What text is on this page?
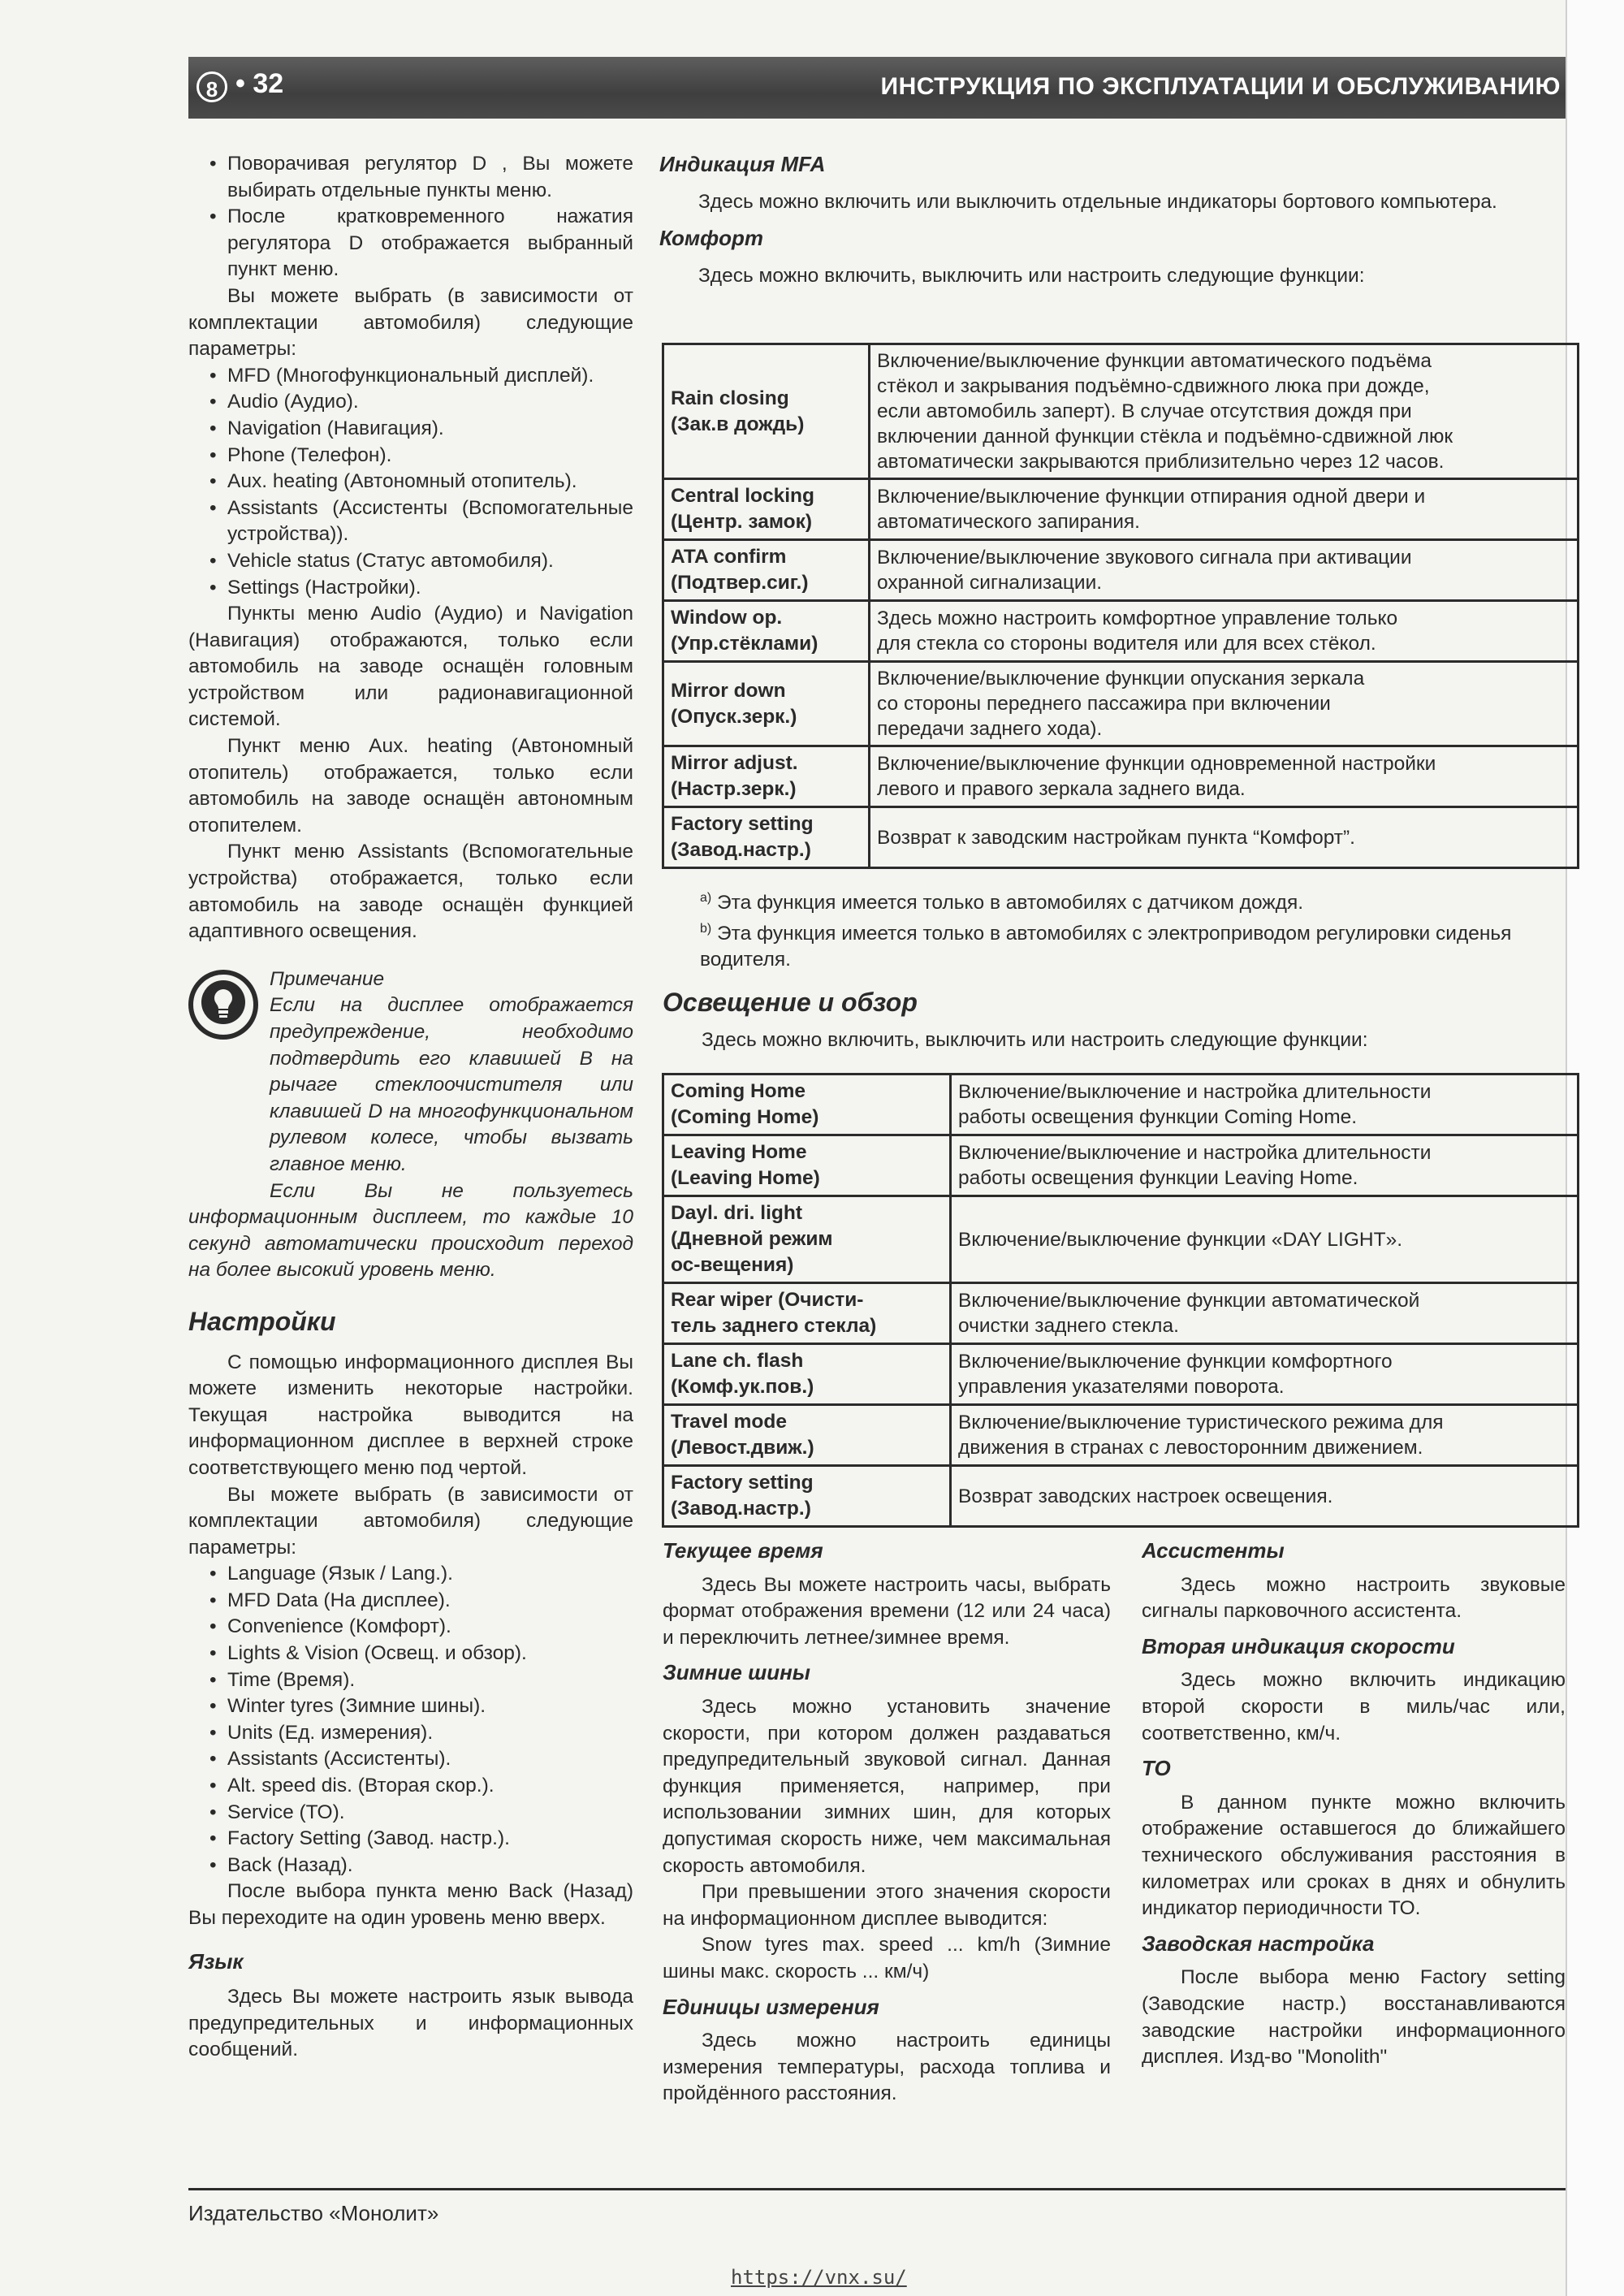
8 • 32	ИНСТРУКЦИЯ ПО ЭКСПЛУАТАЦИИ И ОБСЛУЖИВАНИЮ

• Поворачивая регулятор D , Вы можете выбирать отдельные пункты меню.

• После кратковременного нажатия регулятора D отображается выбранный пункт меню.

Вы можете выбрать (в зависимости от комплектации автомобиля) следующие параметры:

• MFD (Многофункциональный дисплей).

• Audio (Аудио).

• Navigation (Навигация).

• Phone (Телефон).

• Aux. heating (Автономный отопитель).

• Assistants (Ассистенты (Вспомогательные устройства)).

• Vehicle status (Статус автомобиля).

• Settings (Настройки).

Пункты меню Audio (Аудио) и Navigation (Навигация) отображаются, только если автомобиль на заводе оснащён головным устройством или радионавигационной системой.

Пункт меню Aux. heating (Автономный отопитель) отображается, только если автомобиль на заводе оснащён автономным отопителем.

Пункт меню Assistants (Вспомогательные устройства) отображается, только если автомобиль на заводе оснащён функцией адаптивного освещения.

Примечание

Если на дисплее отображается предупреждение, необходимо подтвердить его клавишей B на рычаге стеклоочистителя или клавишей D на многофункциональном рулевом колесе, чтобы вызвать главное меню.

Если Вы не пользуетесь информационным дисплеем, то каждые 10 секунд автоматически происходит переход на более высокий уровень меню.

Настройки

С помощью информационного дисплея Вы можете изменить некоторые настройки. Текущая настройка выводится на информационном дисплее в верхней строке соответствующего меню под чертой.

Вы можете выбрать (в зависимости от комплектации автомобиля) следующие параметры:

• Language (Язык / Lang.).

• MFD Data (На дисплее).

• Convenience (Комфорт).

• Lights & Vision (Освещ. и обзор).

• Time (Время).

• Winter tyres (Зимние шины).

• Units (Ед. измерения).

• Assistants (Ассистенты).

• Alt. speed dis. (Вторая скор.).

• Service (ТО).

• Factory Setting (Завод. настр.).

• Back (Назад).

После выбора пункта меню Back (Назад) Вы переходите на один уровень меню вверх.

Язык

Здесь Вы можете настроить язык вывода предупредительных и информационных сообщений.

Индикация MFA

Здесь можно включить или выключить отдельные индикаторы бортового компьютера.

Комфорт

Здесь можно включить, выключить или настроить следующие функции:

Rain closing
(Зак.в дождь)	Включение/выключение функции автоматического подъёма
стёкол и закрывания подъёмно-сдвижного люка при дожде,
если автомобиль заперт). В случае отсутствия дождя при
включении данной функции стёкла и подъёмно-сдвижной люк
автоматически закрываются приблизительно через 12 часов.

Central locking
(Центр. замок)	Включение/выключение функции отпирания одной двери и
автоматического запирания.

ATA confirm
(Подтвер.сиг.)	Включение/выключение звукового сигнала при активации
охранной сигнализации.

Window op.
(Упр.стёклами)	Здесь можно настроить комфортное управление только
для стекла со стороны водителя или для всех стёкол.

Mirror down
(Опуск.зерк.)	Включение/выключение функции опускания зеркала
со стороны переднего пассажира при включении
передачи заднего хода).

Mirror adjust.
(Настр.зерк.)	Включение/выключение функции одновременной настройки
левого и правого зеркала заднего вида.

Factory setting
(Завод.настр.)	Возврат к заводским настройкам пункта “Комфорт”.

$^{a)}$ Эта функция имеется только в автомобилях с датчиком дождя.

$^{b)}$ Эта функция имеется только в автомобилях с электроприводом регулировки сиденья водителя.

Освещение и обзор

Здесь можно включить, выключить или настроить следующие функции:

Coming Home
(Coming Home)	Включение/выключение и настройка длительности
работы освещения функции Coming Home.

Leaving Home
(Leaving Home)	Включение/выключение и настройка длительности
работы освещения функции Leaving Home.

Dayl. dri. light
(Дневной режим
ос-вещения)	Включение/выключение функции «DAY LIGHT».

Rear wiper (Очисти-
тель заднего стекла)	Включение/выключение функции автоматической
очистки заднего стекла.

Lane ch. flash
(Комф.ук.пов.)	Включение/выключение функции комфортного
управления указателями поворота.

Travel mode
(Левост.движ.)	Включение/выключение туристического режима для
движения в странах с левосторонним движением.

Factory setting
(Завод.настр.)	Возврат заводских настроек освещения.

Текущее время

Здесь Вы можете настроить часы, выбрать формат отображения времени (12 или 24 часа) и переключить летнее/зимнее время.

Зимние шины

Здесь можно установить значение скорости, при котором должен раздаваться предупредительный звуковой сигнал. Данная функция применяется, например, при использовании зимних шин, для которых допустимая скорость ниже, чем максимальная скорость автомобиля.

При превышении этого значения скорости на информационном дисплее выводится:

Snow tyres max. speed ... km/h (Зимние шины макс. скорость ... км/ч)

Единицы измерения

Здесь можно настроить единицы измерения температуры, расхода топлива и пройдённого расстояния.

Ассистенты

Здесь можно настроить звуковые сигналы парковочного ассистента.

Вторая индикация скорости

Здесь можно включить индикацию второй скорости в миль/час или, соответственно, км/ч.

ТО

В данном пункте можно включить отображение оставшегося до ближайшего технического обслуживания расстояния в километрах или сроках в днях и обнулить индикатор периодичности ТО.

Заводская настройка

После выбора меню Factory setting (Заводские настр.) восстанавливаются заводские настройки информационного дисплея. Изд-во "Monolith"

Издательство «Монолит»
https://vnx.su/
